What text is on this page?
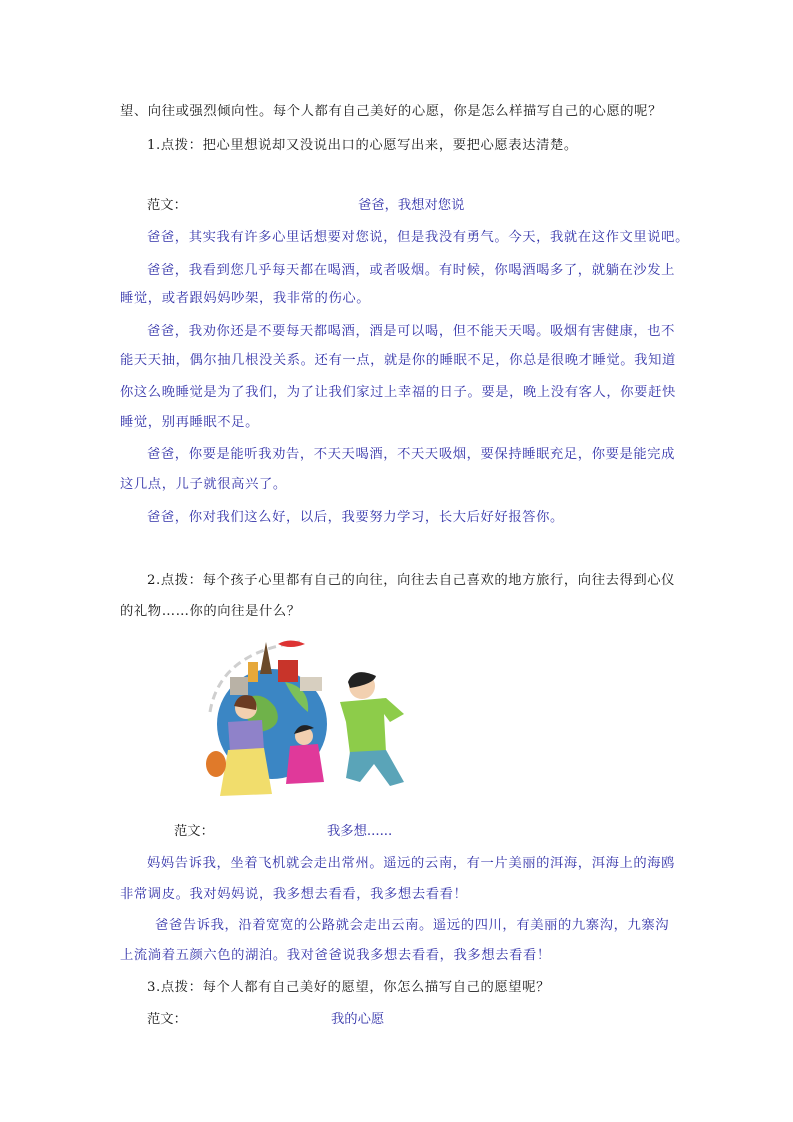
望、向往或强烈倾向性。每个人都有自己美好的心愿，你是怎么样描写自己的心愿的呢？
1.点拨：把心里想说却又没说出口的心愿写出来，要把心愿表达清楚。
范文：	爸爸，我想对您说
爸爸，其实我有许多心里话想要对您说，但是我没有勇气。今天，我就在这作文里说吧。
爸爸，我看到您几乎每天都在喝酒，或者吸烟。有时候，你喝酒喝多了，就躺在沙发上
睡觉，或者跟妈妈吵架，我非常的伤心。
爸爸，我劝你还是不要每天都喝酒，酒是可以喝，但不能天天喝。吸烟有害健康，也不
能天天抽，偶尔抽几根没关系。还有一点，就是你的睡眠不足，你总是很晚才睡觉。我知道
你这么晚睡觉是为了我们，为了让我们家过上幸福的日子。要是，晚上没有客人，你要赶快
睡觉，别再睡眠不足。
爸爸，你要是能听我劝告，不天天喝酒，不天天吸烟，要保持睡眠充足，你要是能完成
这几点，儿子就很高兴了。
爸爸，你对我们这么好，以后，我要努力学习，长大后好好报答你。
2.点拨：每个孩子心里都有自己的向往，向往去自己喜欢的地方旅行，向往去得到心仪
的礼物……你的向往是什么？
范文：	我多想......
妈妈告诉我，坐着飞机就会走出常州。遥远的云南，有一片美丽的洱海，洱海上的海鸥
非常调皮。我对妈妈说，我多想去看看，我多想去看看！
爸爸告诉我，沿着宽宽的公路就会走出云南。遥远的四川，有美丽的九寨沟，九寨沟
上流淌着五颜六色的湖泊。我对爸爸说我多想去看看，我多想去看看！
3.点拨：每个人都有自己美好的愿望，你怎么描写自己的愿望呢？
范文：	我的心愿
